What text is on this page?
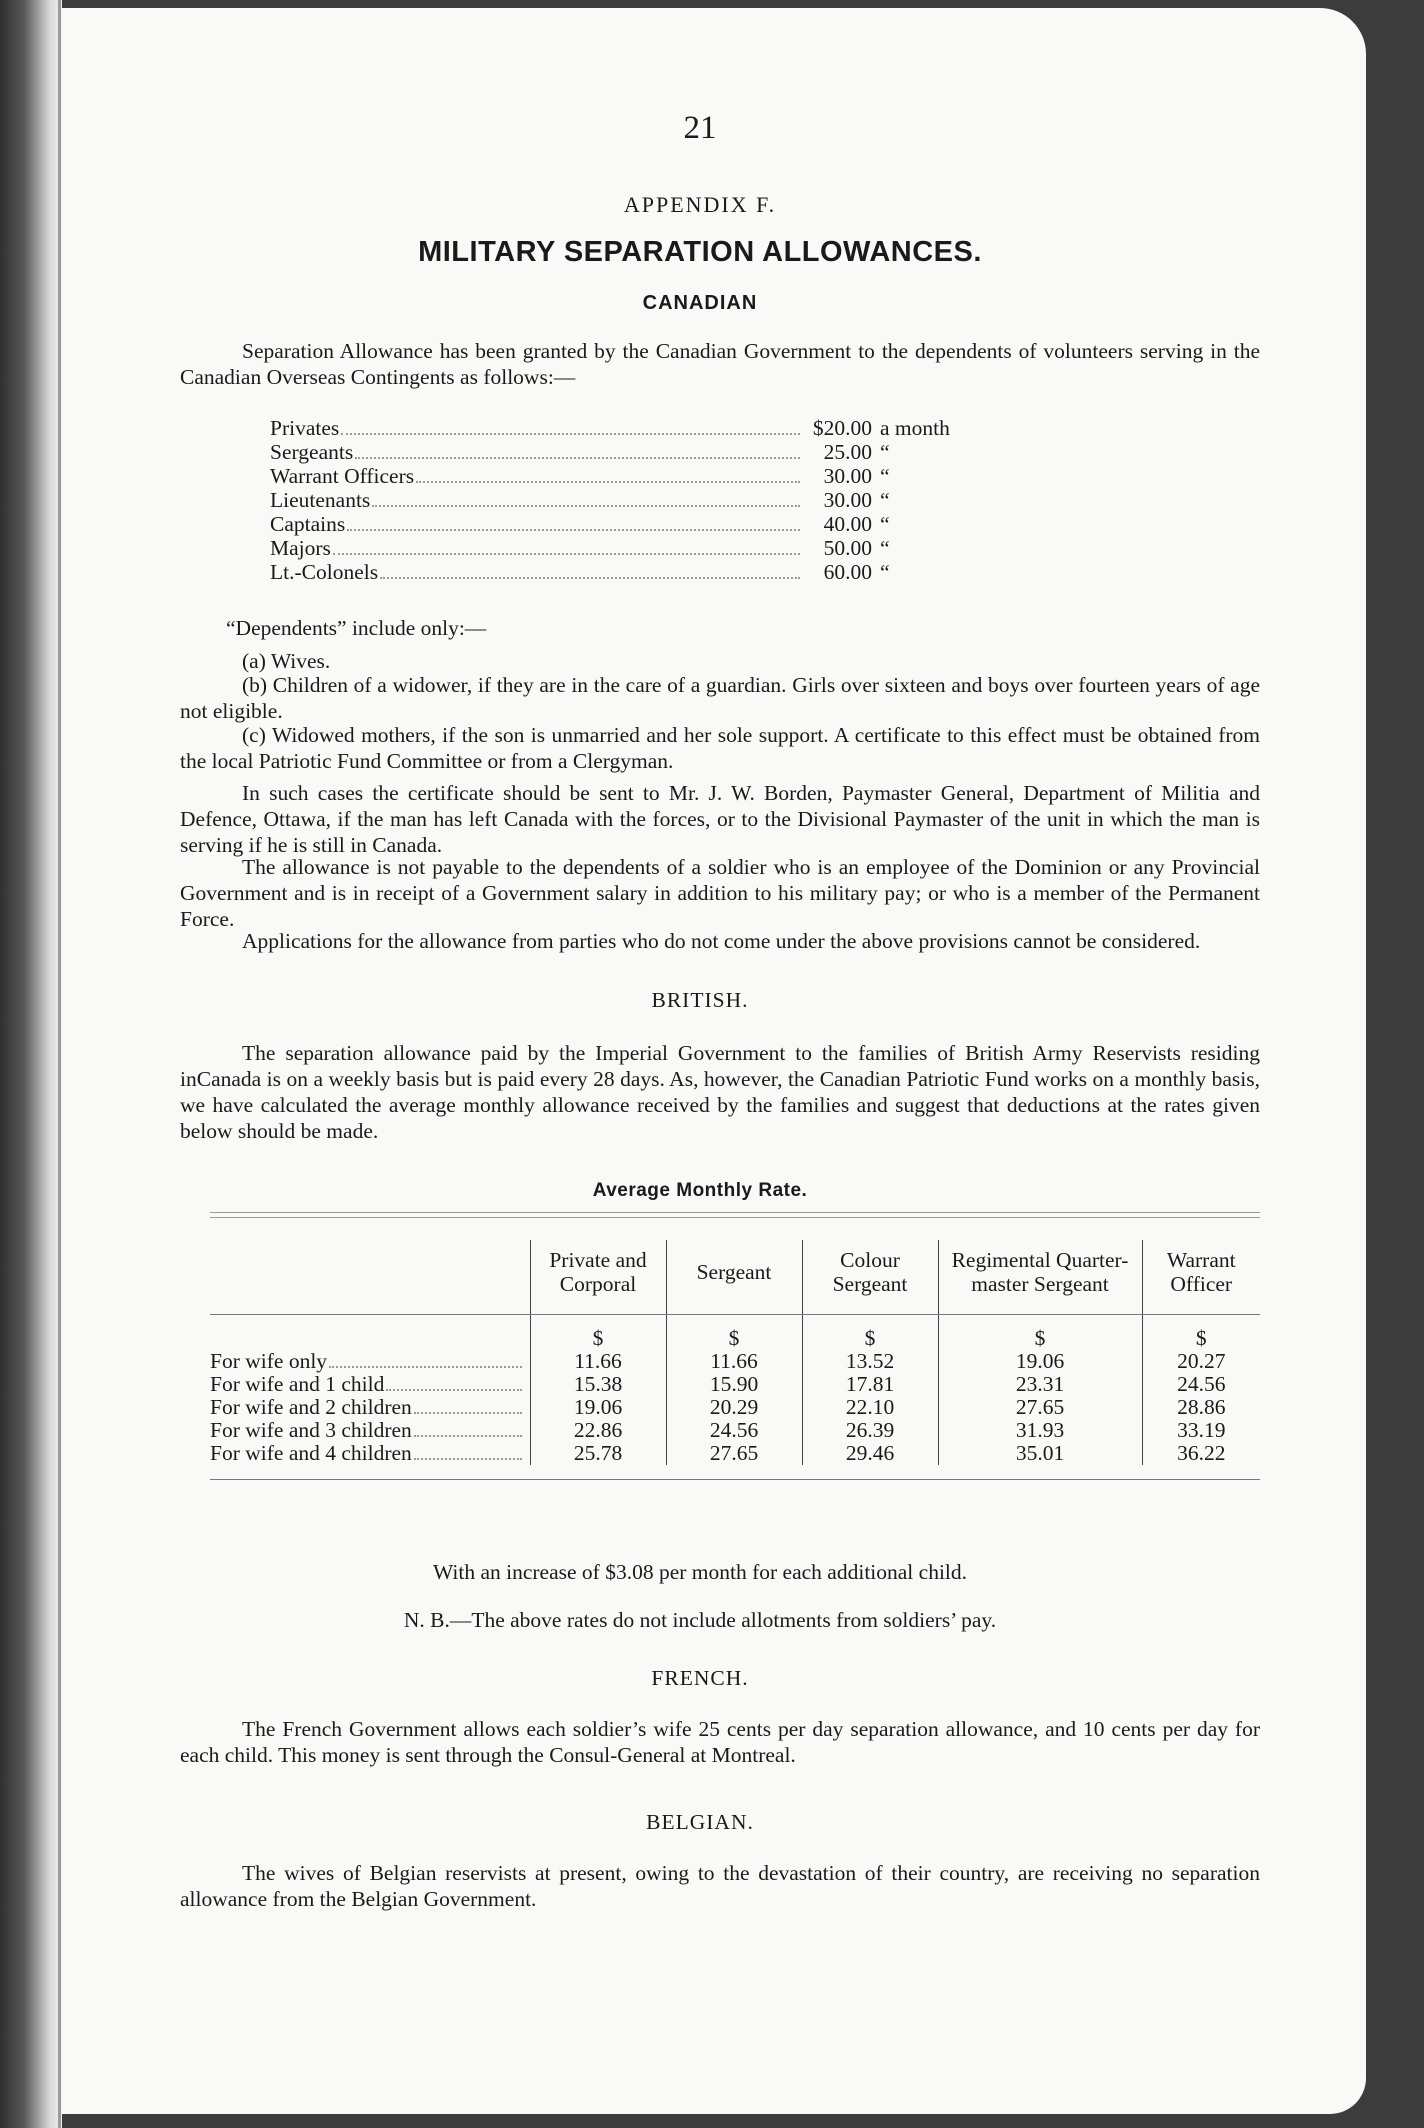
21
APPENDIX F.
MILITARY SEPARATION ALLOWANCES.
CANADIAN
Separation Allowance has been granted by the Canadian Government to the dependents of volunteers serving in the Canadian Overseas Contingents as follows:—
Privates	$20.00 a month
Sergeants	25.00 “
Warrant Officers	30.00 “
Lieutenants	30.00 “
Captains	40.00 “
Majors	50.00 “
Lt.-Colonels	60.00 “
“Dependents” include only:—
(a) Wives.
(b) Children of a widower, if they are in the care of a guardian. Girls over sixteen and boys over fourteen years of age not eligible.
(c) Widowed mothers, if the son is unmarried and her sole support. A certificate to this effect must be obtained from the local Patriotic Fund Committee or from a Clergyman.
In such cases the certificate should be sent to Mr. J. W. Borden, Paymaster General, Department of Militia and Defence, Ottawa, if the man has left Canada with the forces, or to the Divisional Paymaster of the unit in which the man is serving if he is still in Canada.
The allowance is not payable to the dependents of a soldier who is an employee of the Dominion or any Provincial Government and is in receipt of a Government salary in addition to his military pay; or who is a member of the Permanent Force.
Applications for the allowance from parties who do not come under the above provisions cannot be considered.
BRITISH.
The separation allowance paid by the Imperial Government to the families of British Army Reservists residing inCanada is on a weekly basis but is paid every 28 days. As, however, the Canadian Patriotic Fund works on a monthly basis, we have calculated the average monthly allowance received by the families and suggest that deductions at the rates given below should be made.
Average Monthly Rate.
	Private and Corporal	Sergeant	Colour Sergeant	Regimental Quarter-master Sergeant	Warrant Officer
	$	$	$	$	$

For wife only	11.66	11.66	13.52	19.06	20.27

For wife and 1 child	15.38	15.90	17.81	23.31	24.56

For wife and 2 children	19.06	20.29	22.10	27.65	28.86

For wife and 3 children	22.86	24.56	26.39	31.93	33.19

For wife and 4 children	25.78	27.65	29.46	35.01	36.22
With an increase of $3.08 per month for each additional child.
N. B.—The above rates do not include allotments from soldiers’ pay.
FRENCH.
The French Government allows each soldier’s wife 25 cents per day separation allowance, and 10 cents per day for each child. This money is sent through the Consul-General at Montreal.
BELGIAN.
The wives of Belgian reservists at present, owing to the devastation of their country, are receiving no separation allowance from the Belgian Government.
